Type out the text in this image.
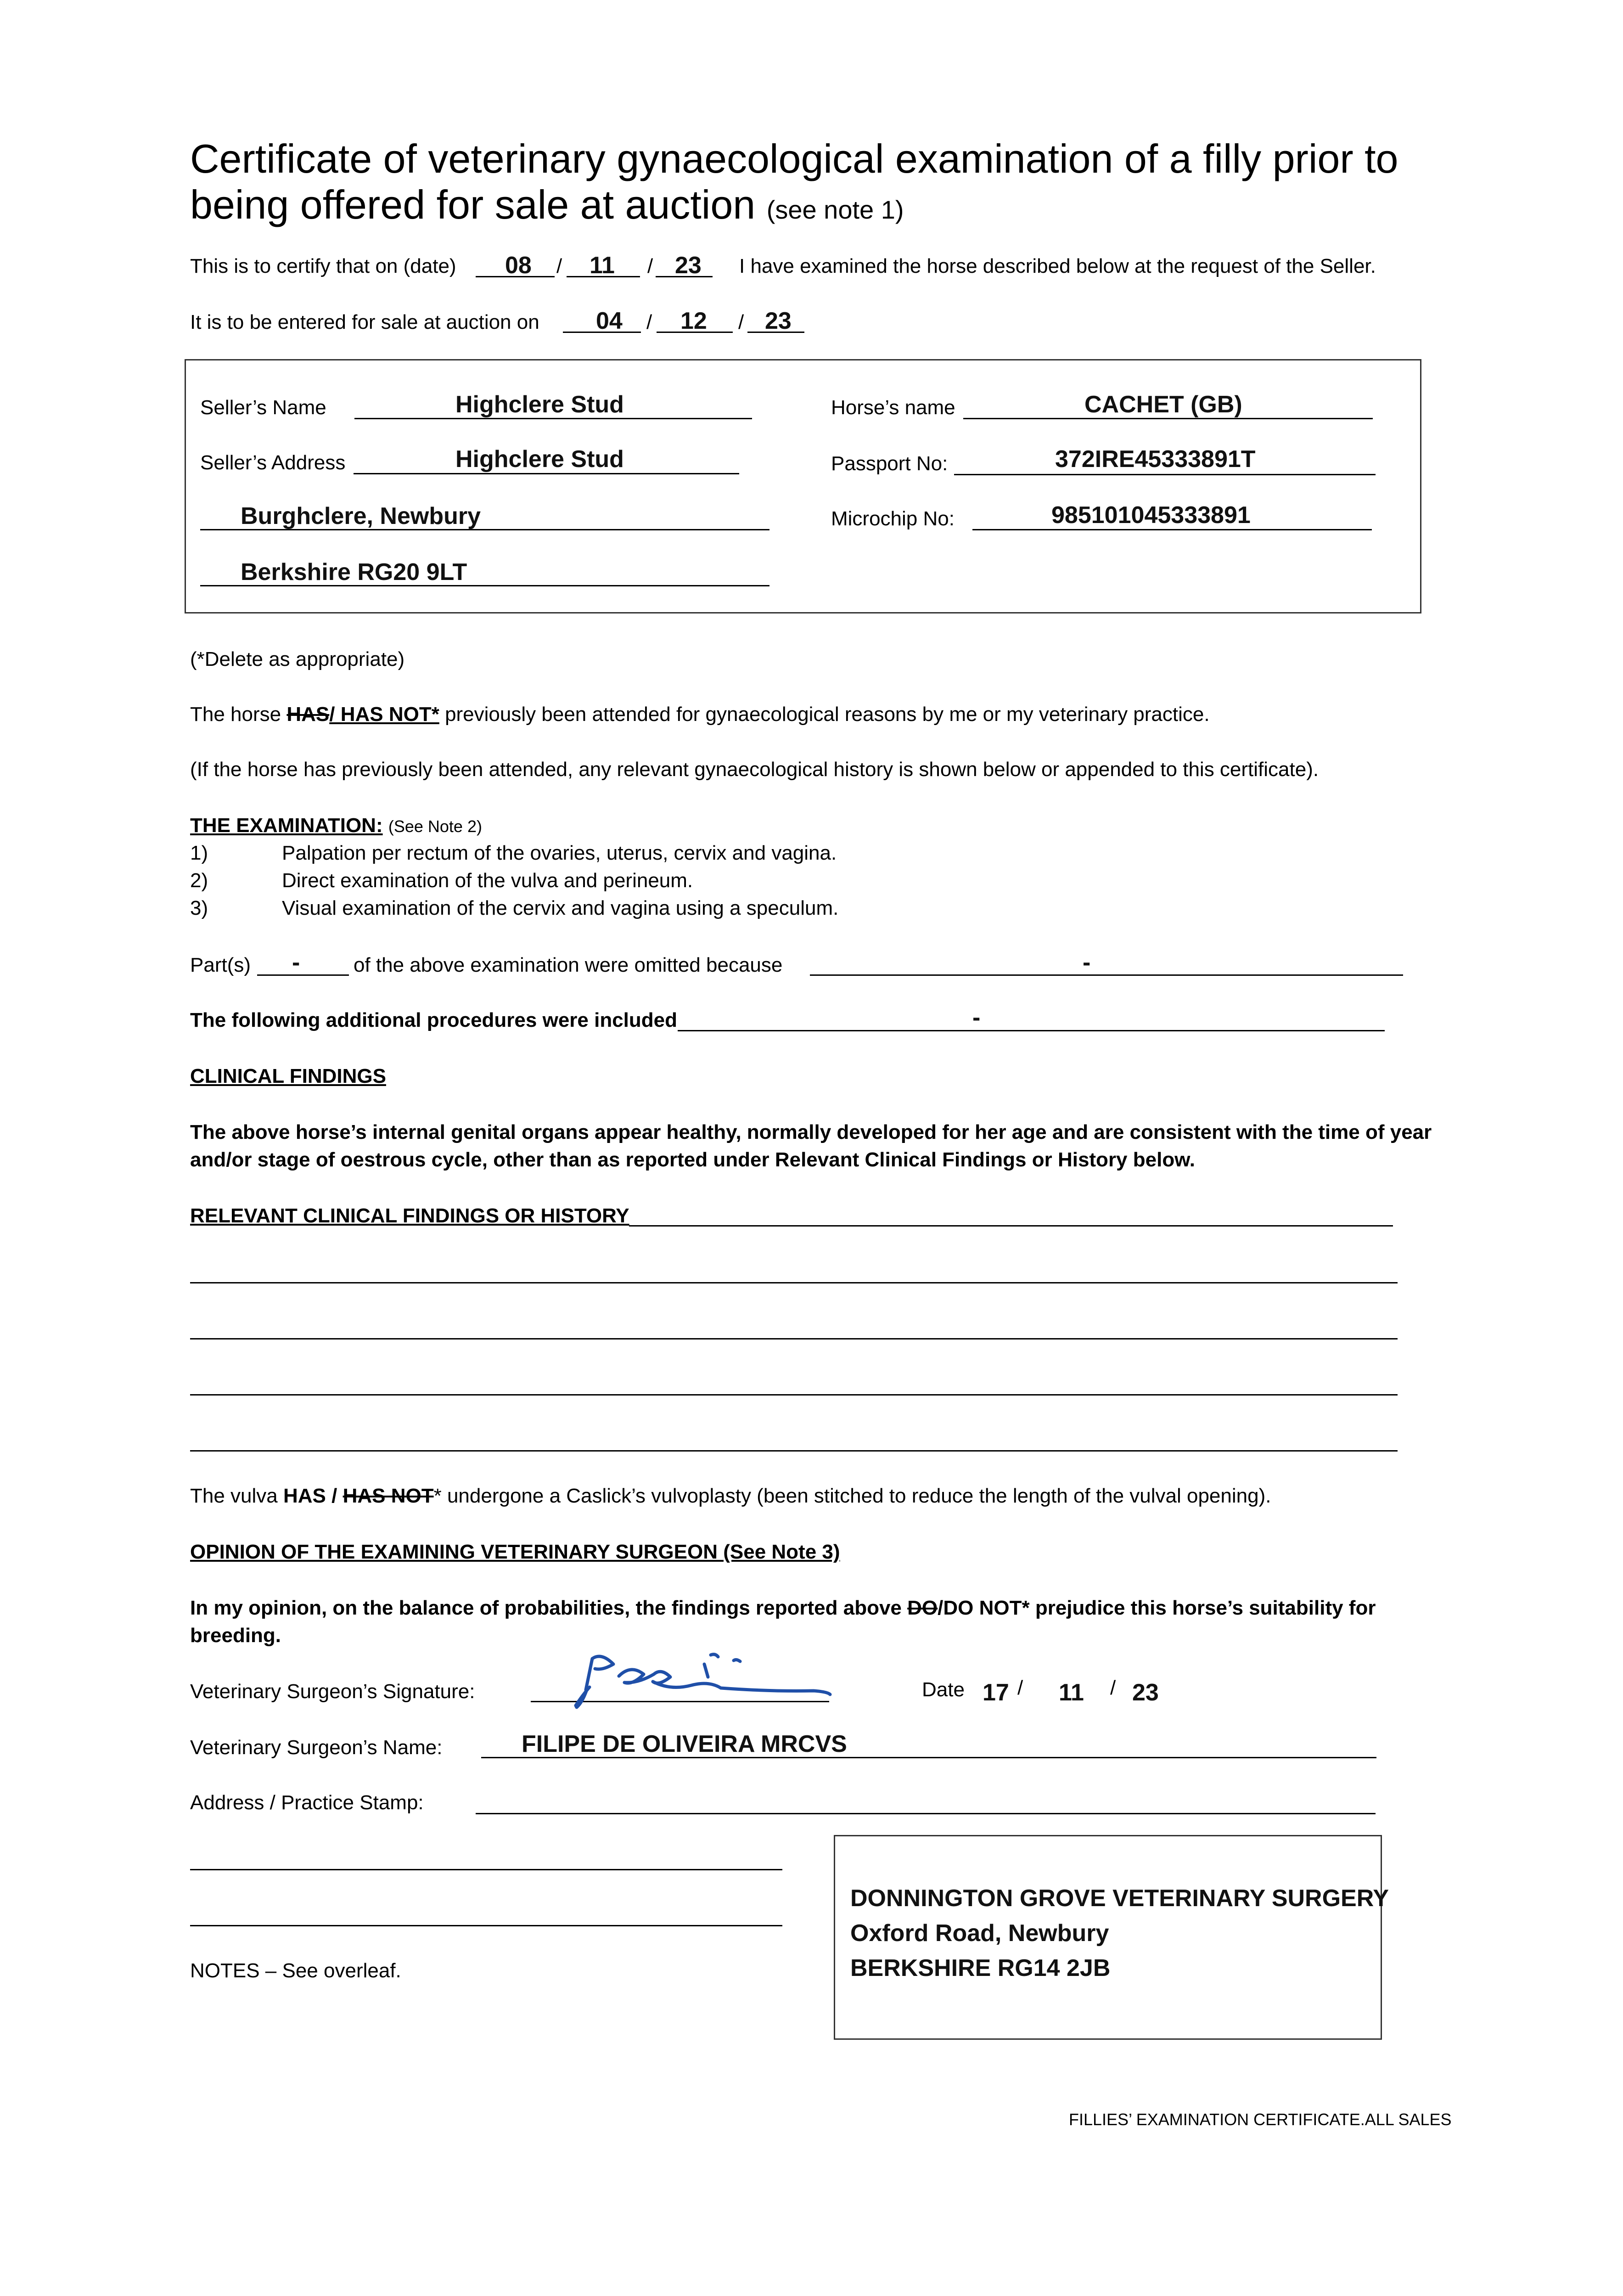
Certificate of veterinary gynaecological examination of a filly prior to
being offered for sale at auction (see note 1)
This is to certify that on (date) 08 / 11 / 23 I have examined the horse described below at the request of the Seller.
It is to be entered for sale at auction on 04 / 12 / 23
Seller’s Name	Highclere Stud
Seller’s Address	Highclere Stud
Burghclere, Newbury
Berkshire RG20 9LT
Horse’s name	CACHET (GB)
Passport No:	372IRE45333891T
Microchip No:	985101045333891
(*Delete as appropriate)
The horse HAS/ HAS NOT* previously been attended for gynaecological reasons by me or my veterinary practice.
(If the horse has previously been attended, any relevant gynaecological history is shown below or appended to this certificate).
THE EXAMINATION: (See Note 2)
1)	Palpation per rectum of the ovaries, uterus, cervix and vagina.
2)	Direct examination of the vulva and perineum.
3)	Visual examination of the cervix and vagina using a speculum.
Part(s) -	of the above examination were omitted because	-
The following additional procedures were included	-
CLINICAL FINDINGS
The above horse’s internal genital organs appear healthy, normally developed for her age and are consistent with the time of year
and/or stage of oestrous cycle, other than as reported under Relevant Clinical Findings or History below.
RELEVANT CLINICAL FINDINGS OR HISTORY
The vulva HAS / HAS NOT* undergone a Caslick’s vulvoplasty (been stitched to reduce the length of the vulval opening).
OPINION OF THE EXAMINING VETERINARY SURGEON (See Note 3)
In my opinion, on the balance of probabilities, the findings reported above DO/DO NOT* prejudice this horse’s suitability for
breeding.
Veterinary Surgeon’s Signature:	Date 17 / 11 / 23
Veterinary Surgeon’s Name:	FILIPE DE OLIVEIRA MRCVS
Address / Practice Stamp:
DONNINGTON GROVE VETERINARY SURGERY
Oxford Road, Newbury
BERKSHIRE RG14 2JB
NOTES – See overleaf.
FILLIES’ EXAMINATION CERTIFICATE.ALL SALES
